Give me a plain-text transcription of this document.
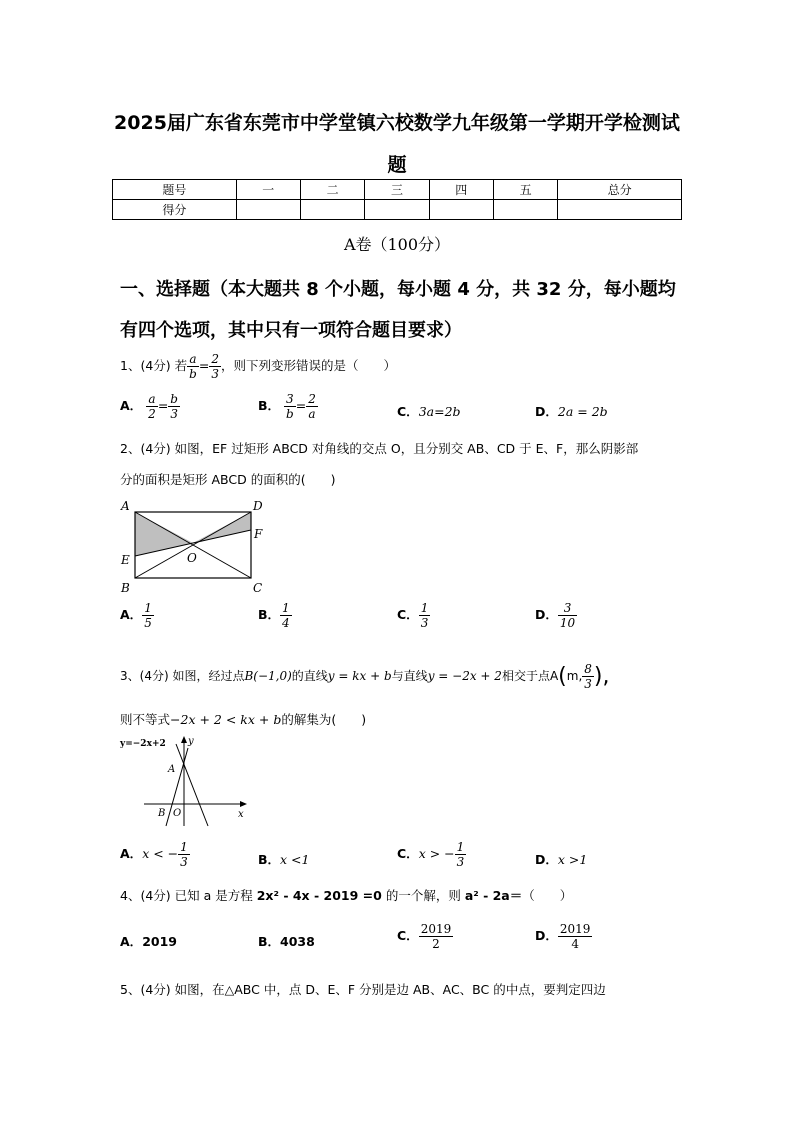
2025届广东省东莞市中学堂镇六校数学九年级第一学期开学检测试
题
题号	一	二	三	四	五	总分
得分						
A卷（100分）
一、选择题（本大题共 8 个小题，每小题 4 分，共 32 分，每小题均
有四个选项，其中只有一项符合题目要求）
1、(4分) 若 $\frac{a}{b} = \frac{2}{3}$ ，则下列变形错误的是（　　）
A． $\frac{a}{2} = \frac{b}{3}$	B． $\frac{3}{b} = \frac{2}{a}$	C．3a=2b	D．2a = 2b
2、(4分) 如图，EF 过矩形 ABCD 对角线的交点 O，且分别交 AB、CD 于 E、F，那么阴影部
分的面积是矩形 ABCD 的面积的(　　)
A	D
F
E	O
B	C
A． $\frac{1}{5}$	B． $\frac{1}{4}$	C． $\frac{1}{3}$	D． $\frac{3}{10}$
3、(4分) 如图，经过点B(−1,0)的直线y = kx + b与直线y = −2x + 2相交于点A(m, $\frac{8}{3}$ ),
则不等式−2x + 2 < kx + b的解集为(　　)
y=−2x+2 y
A
B O	x
A．x < − $\frac{1}{3}$	B．x <1	C．x > − $\frac{1}{3}$	D．x >1
4、(4分) 已知 a 是方程 2x² - 4x - 2019 =0 的一个解，则 a² - 2a＝（　　）
A．2019	B．4038	C． $\frac{2019}{2}$	D． $\frac{2019}{4}$
5、(4分) 如图，在△ABC 中，点 D、E、F 分别是边 AB、AC、BC 的中点，要判定四边
